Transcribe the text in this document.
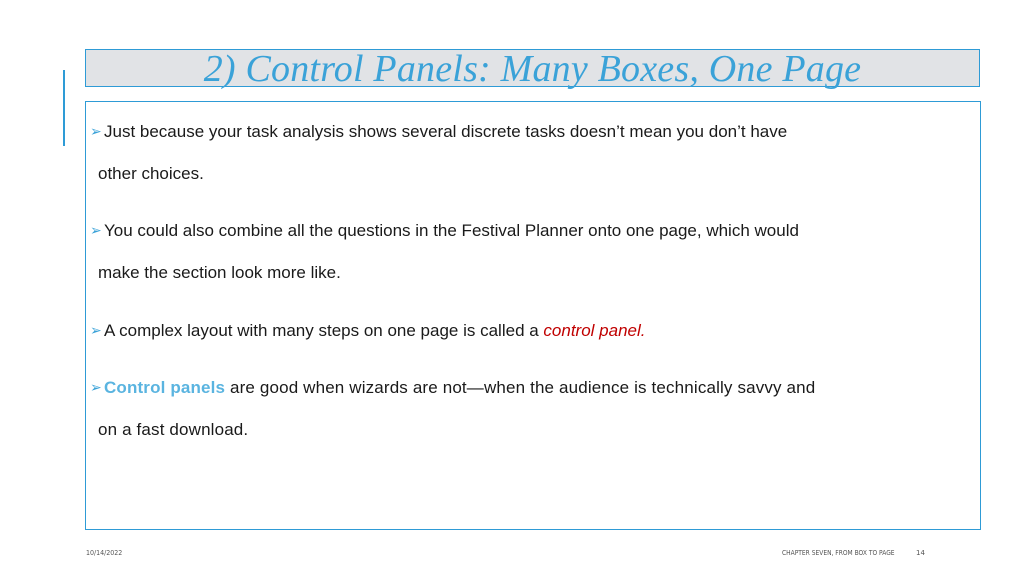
2) Control Panels: Many Boxes, One Page
➢ Just because your task analysis shows several discrete tasks doesn’t mean you don’t have
other choices.
➢ You could also combine all the questions in the Festival Planner onto one page, which would
make the section look more like.
➢ A complex layout with many steps on one page is called a control panel.
➢ Control panels are good when wizards are not—when the audience is technically savvy and
on a fast download.
10/14/2022	CHAPTER SEVEN, FROM BOX TO PAGE	14
